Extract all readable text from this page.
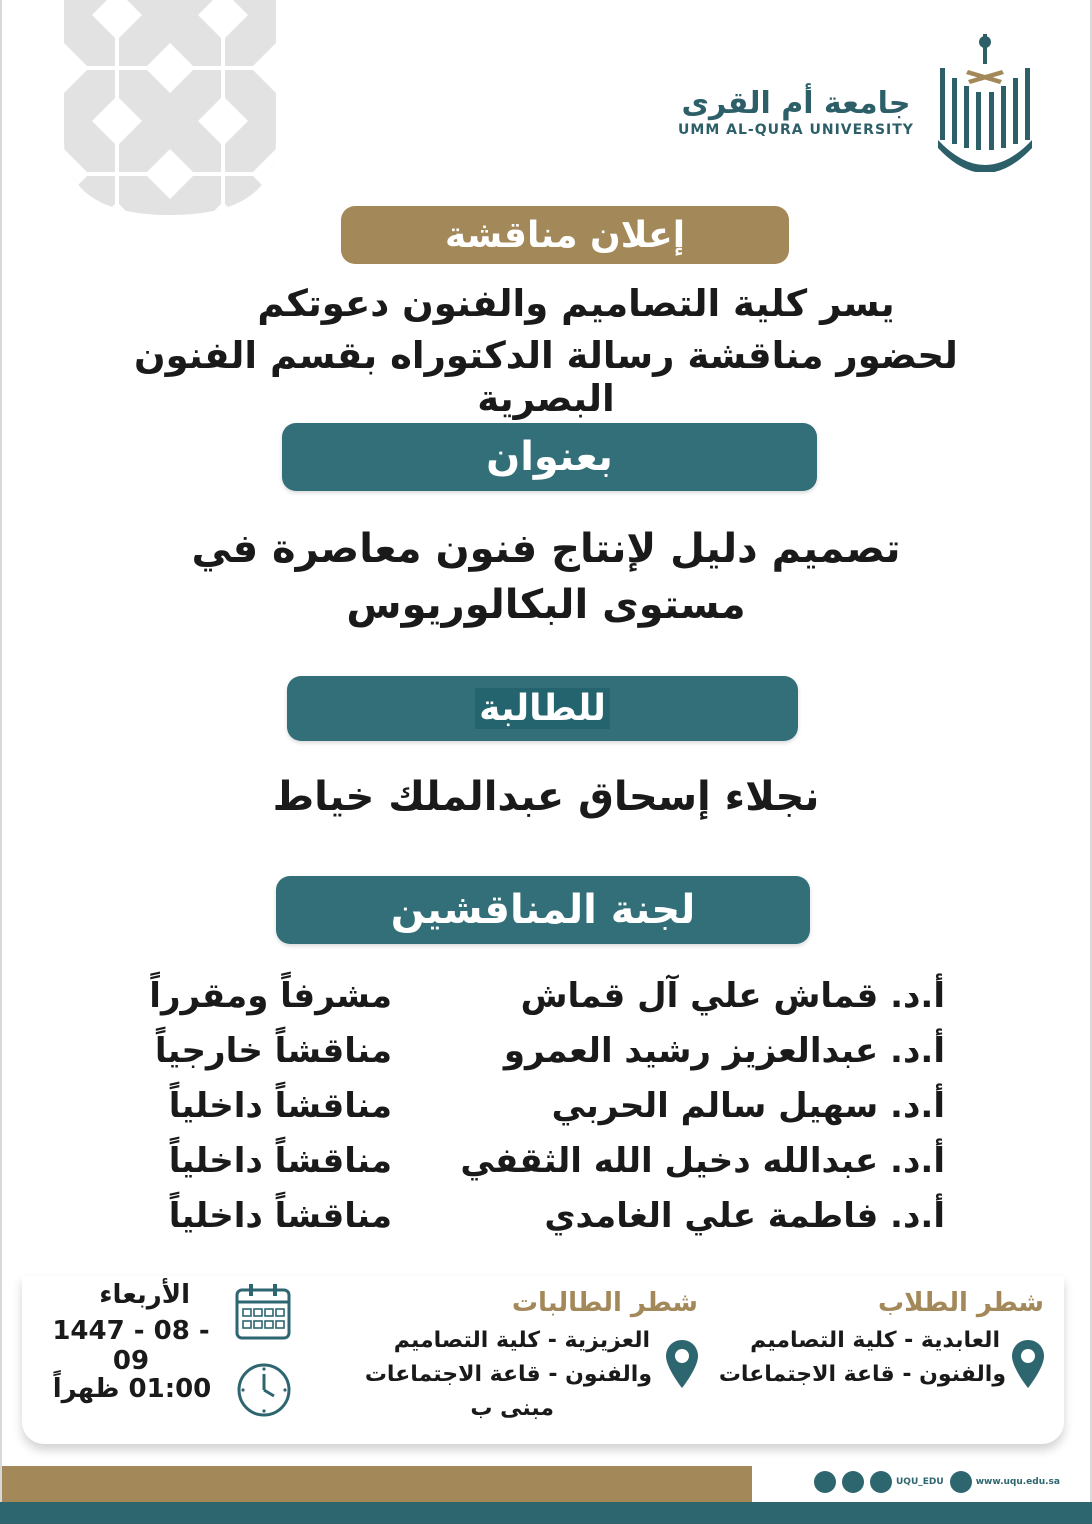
جامعة أم القرى
UMM AL-QURA UNIVERSITY
إعلان مناقشة
يسر كلية التصاميم والفنون دعوتكم
لحضور مناقشة رسالة الدكتوراه بقسم الفنون البصرية
بعنوان
تصميم دليل لإنتاج فنون معاصرة في
مستوى البكالوريوس
للطالبة
نجلاء إسحاق عبدالملك خياط
لجنة المناقشين
أ.د. قماش علي آل قماش
مشرفاً ومقرراً
أ.د. عبدالعزيز رشيد العمرو
مناقشاً خارجياً
أ.د. سهيل سالم الحربي
مناقشاً داخلياً
أ.د. عبدالله دخيل الله الثقفي
مناقشاً داخلياً
أ.د. فاطمة علي الغامدي
مناقشاً داخلياً
شطر الطلاب
العابدية - كلية التصاميم
والفنون - قاعة الاجتماعات
شطر الطالبات
العزيزية - كلية التصاميم
والفنون - قاعة الاجتماعات
مبنى ب
الأربعاء
1447 - 08 - 09
01:00 ظهراً
UQU_EDU	www.uqu.edu.sa
